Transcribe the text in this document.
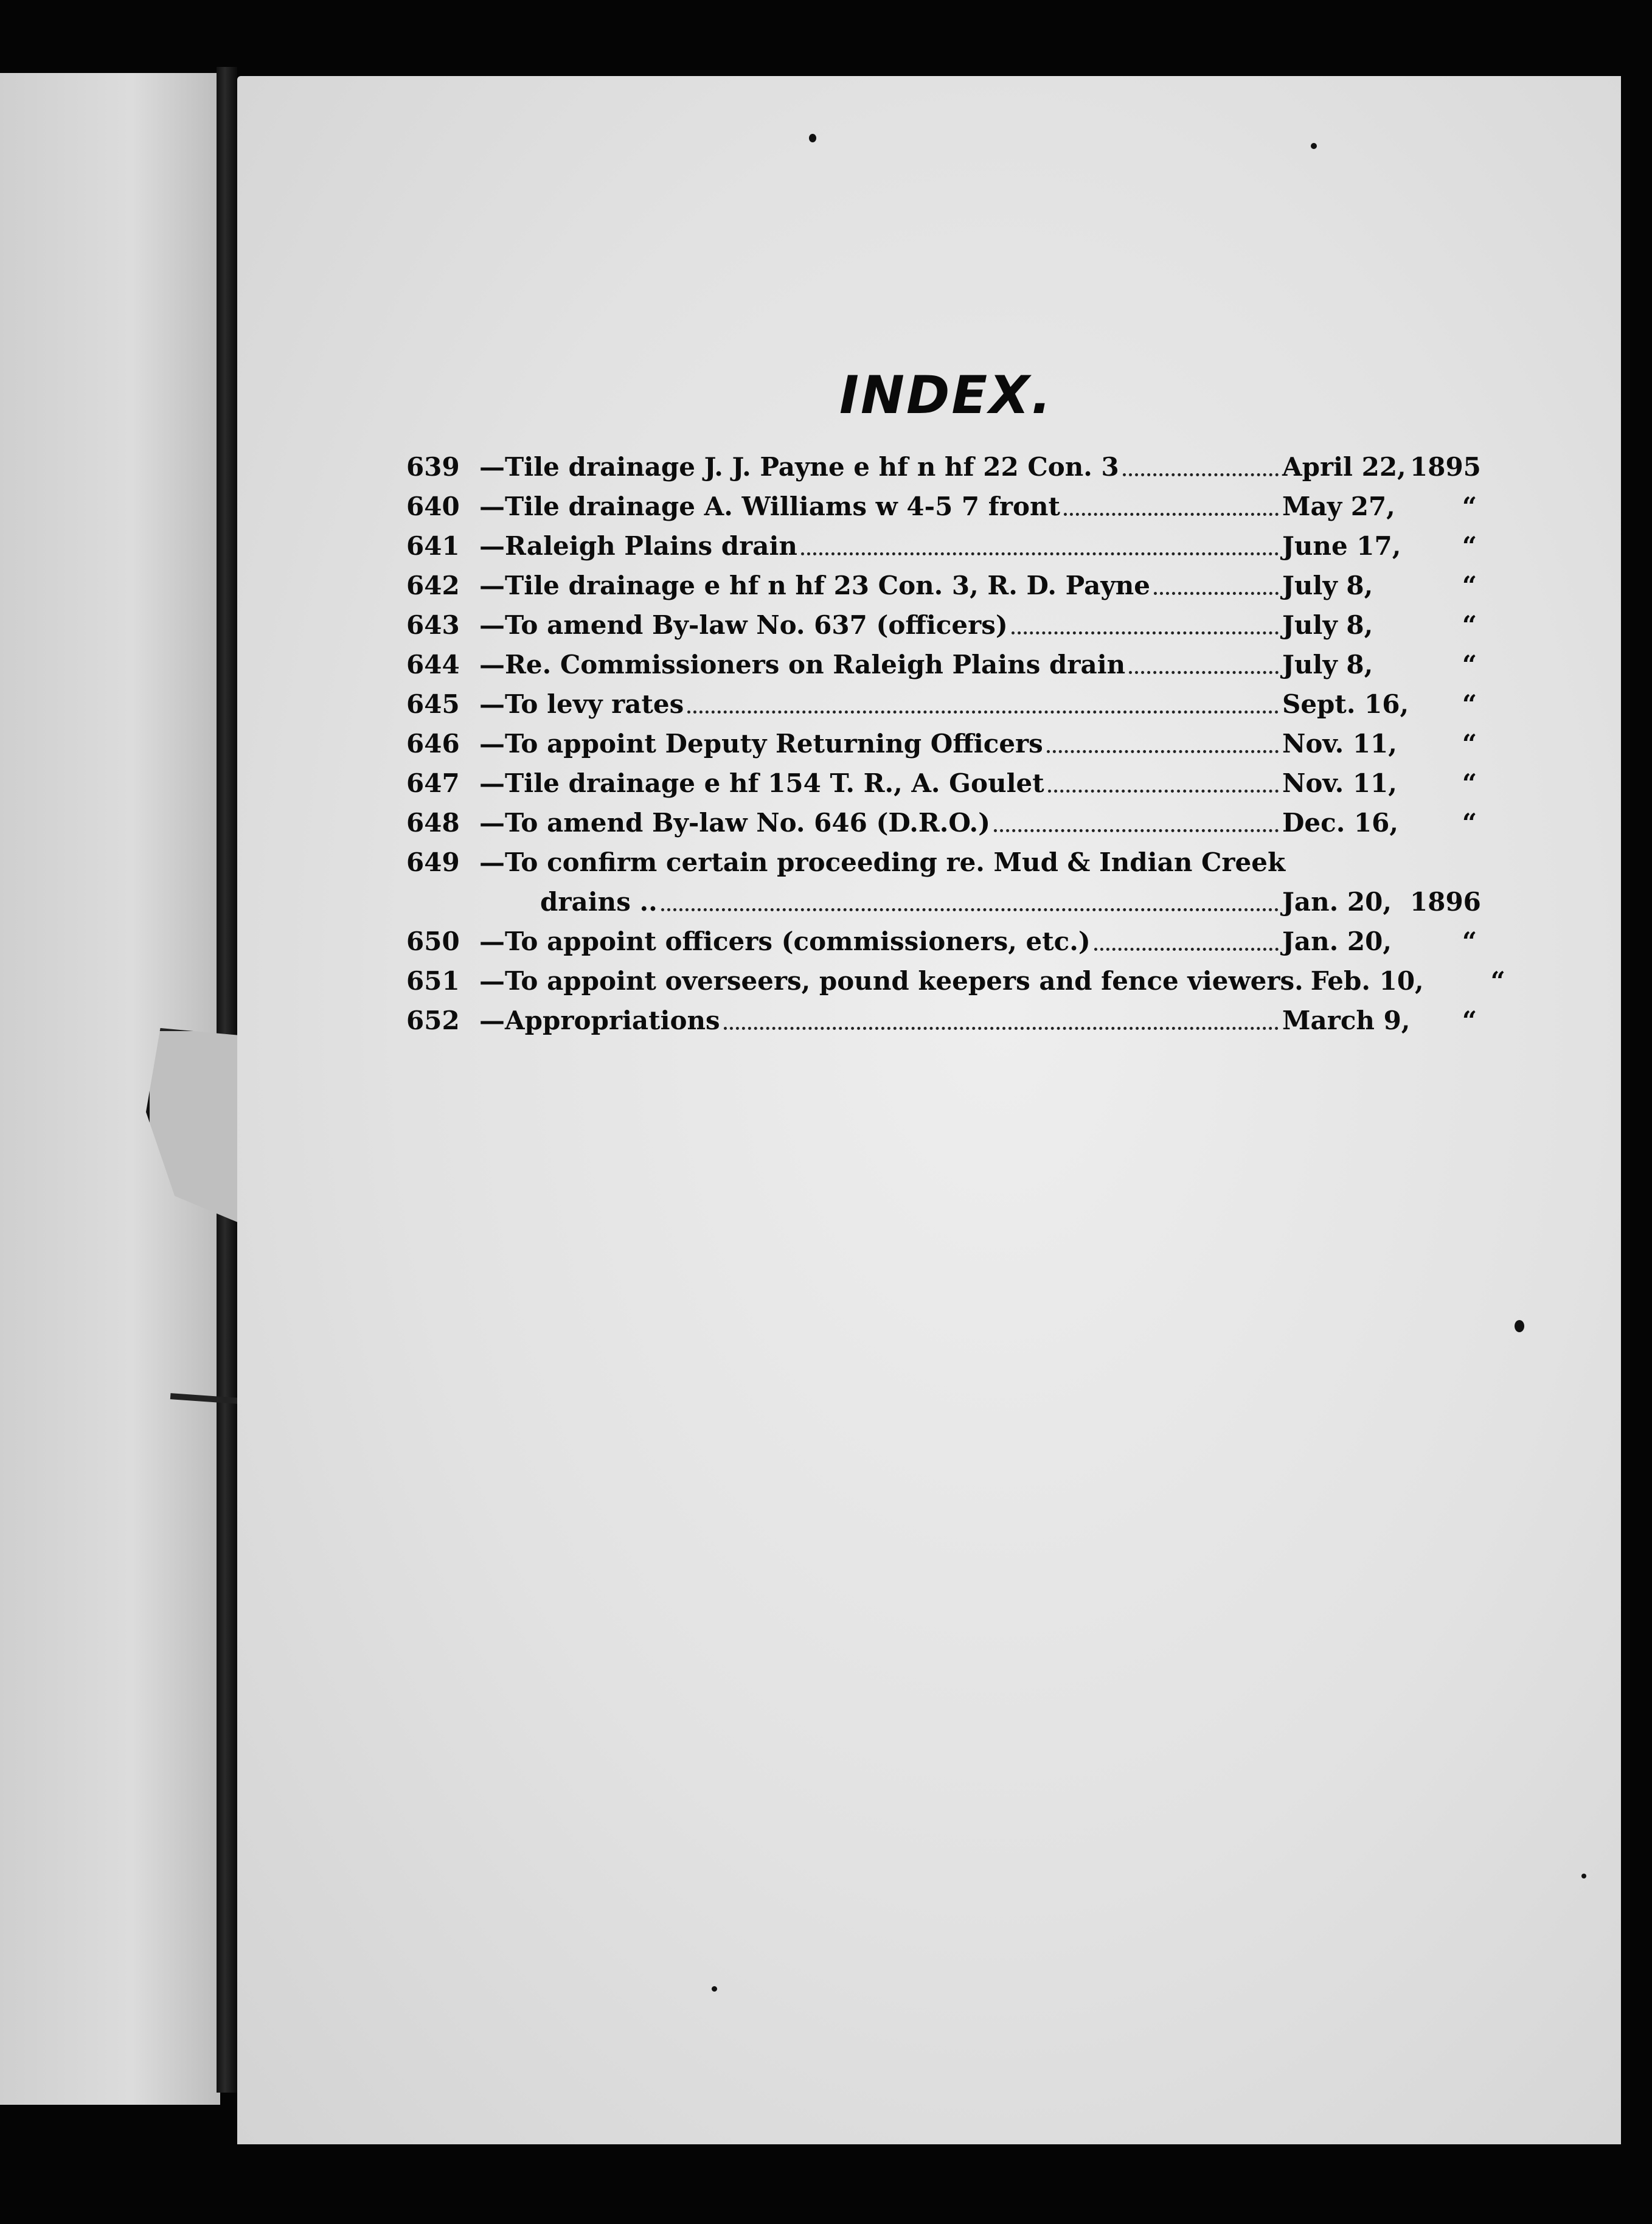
INDEX.
639 —Tile drainage J. J. Payne e hf n hf 22 Con. 3	April 22, 1895
640 —Tile drainage A. Williams w 4-5 7 front	May 27,	“
641 —Raleigh Plains drain	June 17,	“
642 —Tile drainage e hf n hf 23 Con. 3, R. D. Payne	July 8,	“
643 —To amend By-law No. 637 (officers)	July 8,	“
644 —Re. Commissioners on Raleigh Plains drain	July 8,	“
645 —To levy rates	Sept. 16,	“
646 —To appoint Deputy Returning Officers	Nov. 11,	“
647 —Tile drainage e hf 154 T. R., A. Goulet	Nov. 11,	“
648 —To amend By-law No. 646 (D.R.O.)	Dec. 16,	“
649 —To confirm certain proceeding re. Mud & Indian Creek
drains ..	Jan. 20, 1896
650 —To appoint officers (commissioners, etc.)	Jan. 20,	“
651 —To appoint overseers, pound keepers and fence viewers. Feb. 10,	“
652 —Appropriations	March 9,	“
